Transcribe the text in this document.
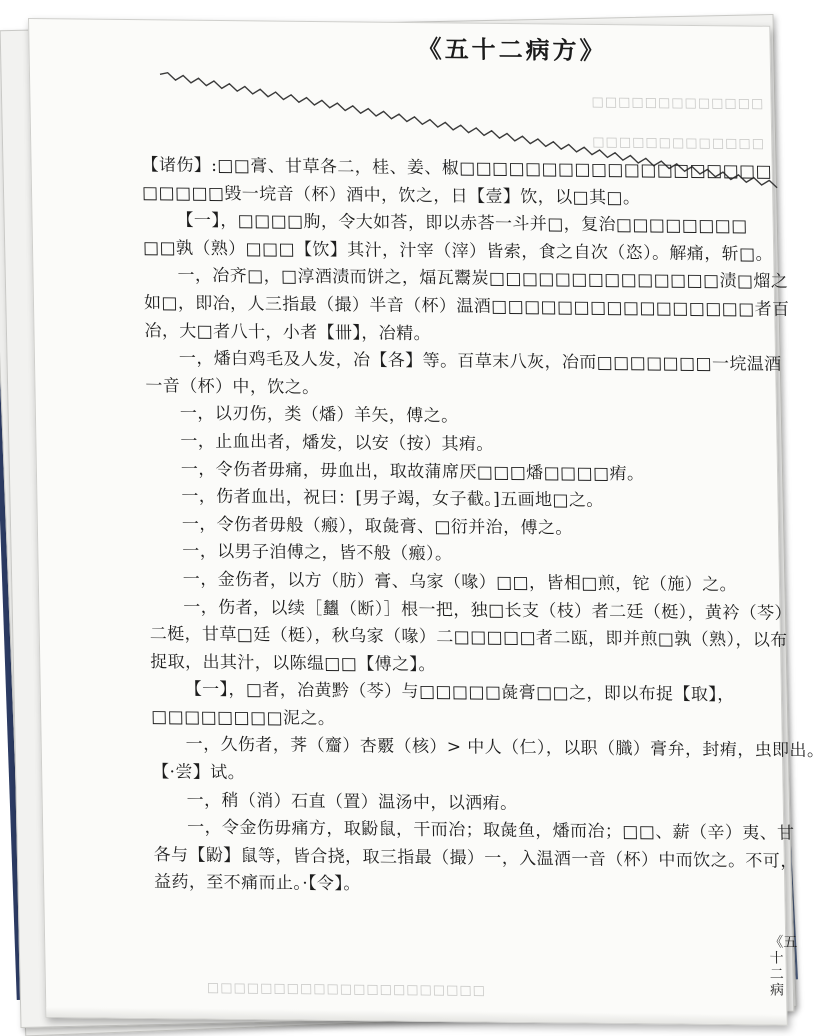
□□□□□□□□□□□□□
□□□□□□□□□□□□□
□□□□□□□□□□□□□□□□□□□□□
《五十二病方》
【诸伤】:□□膏、甘草各二，桂、姜、椒□□□□□□□□□□□□□□□□□□□
□□□□□毁一垸音（杯）酒中，饮之，日【壹】饮，以□其□。
【一】，□□□□朐，令大如荅，即以赤荅一斗并□，复治□□□□□□□□
□□孰（熟）□□□【饮】其汁，汁宰（滓）皆索，食之自次（恣）。解痛，斩□。
一，冶齐□，□淳酒渍而饼之，煏瓦鬻炭□□□□□□□□□□□□□□渍□熘之
如□，即冶，人三指最（撮）半音（杯）温酒□□□□□□□□□□□□□□□□者百
冶，大□者八十，小者【卌】，冶精。
一，燔白鸡毛及人发，冶【各】等。百草末八灰，冶而□□□□□□□一垸温酒
一音（杯）中，饮之。
一，以刃伤，类（燔）羊矢，傅之。
一，止血出者，燔发，以安（按）其痏。
一，令伤者毋痛，毋血出，取故蒲席厌□□□燔□□□□痏。
一，伤者血出，祝曰：[男子竭，女子截。]五画地□之。
一，令伤者毋般（瘢），取彘膏、□衍并治，傅之。
一，以男子洎傅之，皆不般（瘢）。
一，金伤者，以方（肪）膏、乌家（喙）□□，皆相□煎，铊（施）之。
一，伤者，以续［蠿（断）］根一把，独□长支（枝）者二廷（梃），黄衿（芩）
二梃，甘草□廷（梃），秋乌家（喙）二□□□□□者二瓯，即并煎□孰（熟），以布
捉取，出其汁，以陈缊□□【傅之】。
【一】，□者，冶黄黔（芩）与□□□□□彘膏□□之，即以布捉【取】，
□□□□□□□□泥之。
一，久伤者，荠（齏）杏覈（核）> 中人（仁），以职（膱）膏弁，封痏，虫即出。
【·尝】试。
一，稍（消）石直（置）温汤中，以洒痏。
一，令金伤毋痛方，取鼢鼠，干而冶；取彘鱼，燔而冶；□□、薪（辛）夷、甘
各与【鼢】鼠等，皆合挠，取三指最（撮）一，入温酒一音（杯）中而饮之。不可，
益药，至不痛而止。·【令】。
《五十二病
